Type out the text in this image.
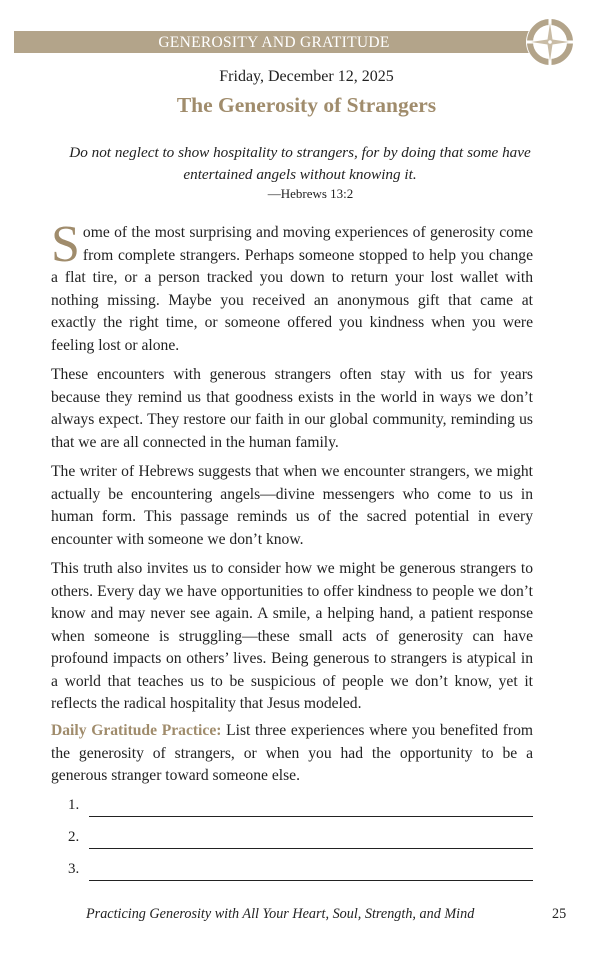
GENEROSITY AND GRATITUDE
Friday, December 12, 2025
The Generosity of Strangers
Do not neglect to show hospitality to strangers, for by doing that some have entertained angels without knowing it.
—Hebrews 13:2

Some of the most surprising and moving experiences of generosity come from complete strangers. Perhaps someone stopped to help you change a flat tire, or a person tracked you down to return your lost wallet with nothing missing. Maybe you received an anonymous gift that came at exactly the right time, or someone offered you kindness when you were feeling lost or alone.

These encounters with generous strangers often stay with us for years because they remind us that goodness exists in the world in ways we don’t always expect. They restore our faith in our global community, reminding us that we are all connected in the human family.

The writer of Hebrews suggests that when we encounter strangers, we might actually be encountering angels—divine messengers who come to us in human form. This passage reminds us of the sacred potential in every encounter with someone we don’t know.

This truth also invites us to consider how we might be generous strangers to others. Every day we have opportunities to offer kindness to people we don’t know and may never see again. A smile, a helping hand, a patient response when someone is struggling—these small acts of generosity can have profound impacts on others’ lives. Being generous to strangers is atypical in a world that teaches us to be suspicious of people we don’t know, yet it reflects the radical hospitality that Jesus modeled.

Daily Gratitude Practice: List three experiences where you benefited from the generosity of strangers, or when you had the opportunity to be a generous stranger toward someone else.

1.
2.
3.
Practicing Generosity with All Your Heart, Soul, Strength, and Mind	25
